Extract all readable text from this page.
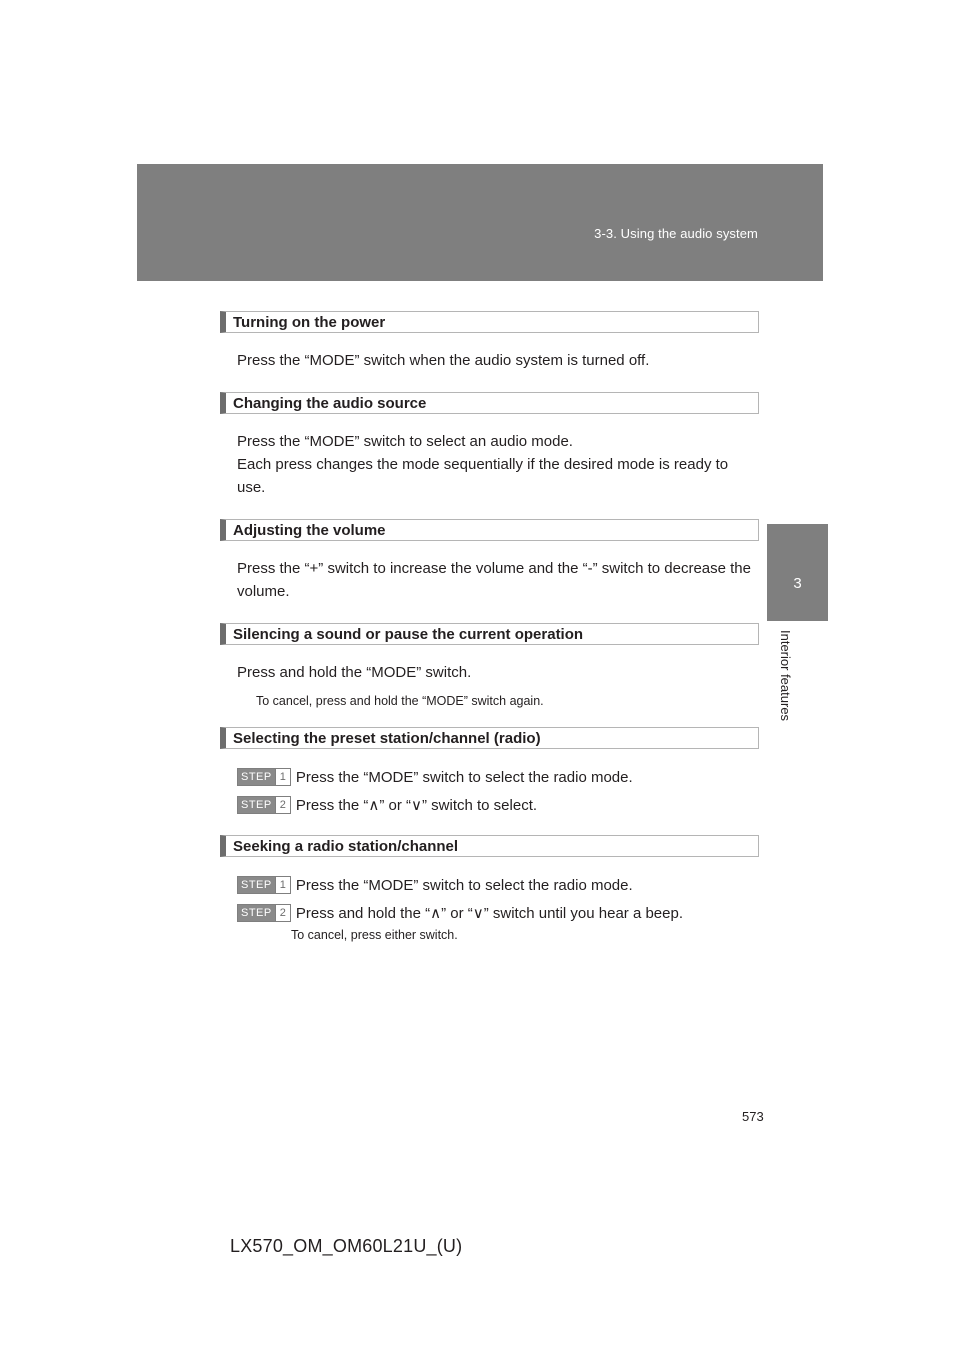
3-3. Using the audio system
3
Interior features
Turning on the power

Press the “MODE” switch when the audio system is turned off.

Changing the audio source

Press the “MODE” switch to select an audio mode.

Each press changes the mode sequentially if the desired mode is ready to use.

Adjusting the volume

Press the “+” switch to increase the volume and the “-” switch to decrease the volume.

Silencing a sound or pause the current operation

Press and hold the “MODE” switch.

To cancel, press and hold the “MODE” switch again.

Selecting the preset station/channel (radio)
STEP 1 Press the “MODE” switch to select the radio mode.
STEP 2 Press the “∧” or “∨” switch to select.
Seeking a radio station/channel
STEP 1 Press the “MODE” switch to select the radio mode.
STEP 2 Press and hold the “∧” or “∨” switch until you hear a beep.

To cancel, press either switch.

573
LX570_OM_OM60L21U_(U)
